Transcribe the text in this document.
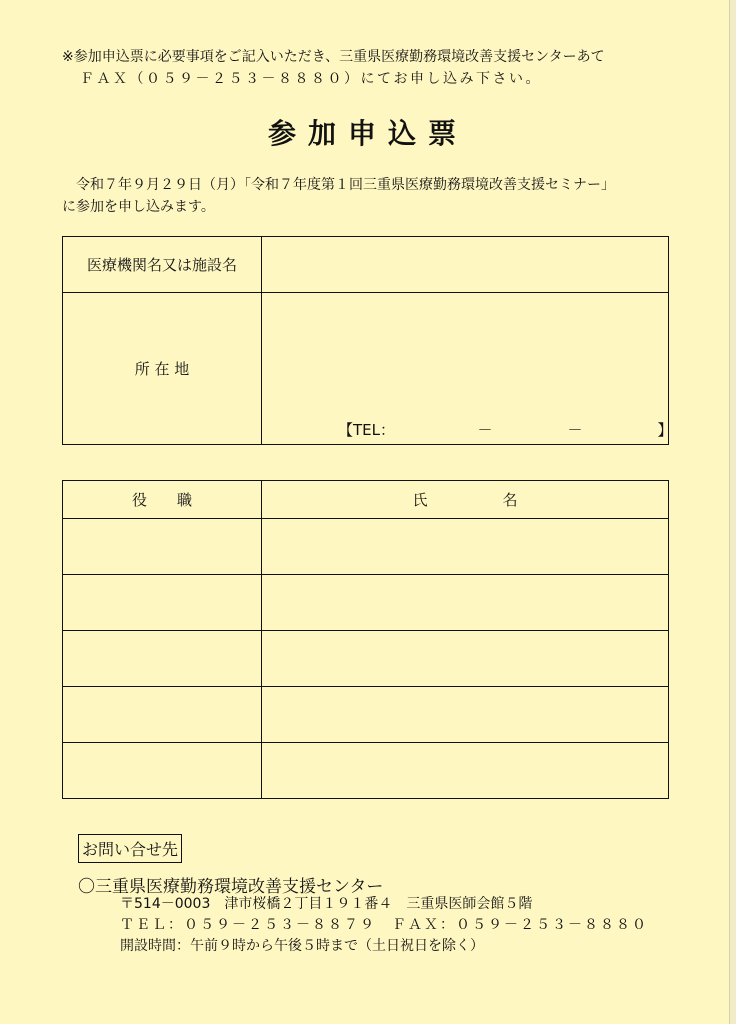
※参加申込票に必要事項をご記入いただき、三重県医療勤務環境改善支援センターあて
ＦＡＸ（０５９－２５３－８８８０）にてお申し込み下さい。
参加申込票
令和７年９月２９日（月）「令和７年度第１回三重県医療勤務環境改善支援セミナー」
に参加を申し込みます。
医療機関名又は施設名	
所 在 地	【TEL：　　　　　　－　　　　　－　　　　　】
役　　職	氏　　　　　名

お問い合せ先
〇三重県医療勤務環境改善支援センター
〒514－0003　津市桜橋２丁目１９１番４　三重県医師会館５階
ＴＥＬ：０５９－２５３－８８７９　ＦＡＸ：０５９－２５３－８８８０
開設時間：午前９時から午後５時まで（土日祝日を除く）
